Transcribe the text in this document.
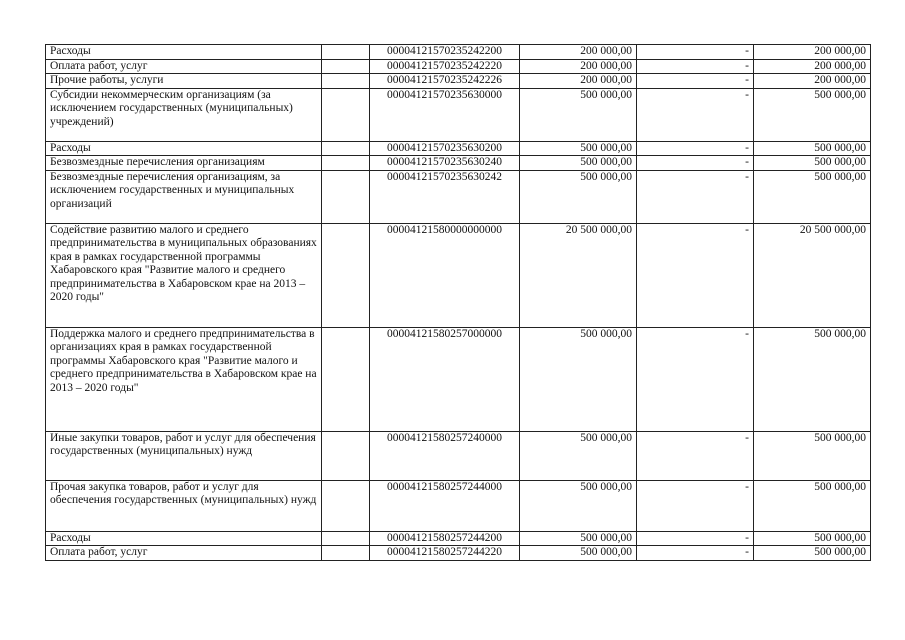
Расходы		00004121570235242200	200 000,00	-	200 000,00
Оплата работ, услуг		00004121570235242220	200 000,00	-	200 000,00
Прочие работы, услуги		00004121570235242226	200 000,00	-	200 000,00
Субсидии некоммерческим организациям (за исключением государственных (муниципальных) учреждений)		00004121570235630000	500 000,00	-	500 000,00
Расходы		00004121570235630200	500 000,00	-	500 000,00
Безвозмездные перечисления организациям		00004121570235630240	500 000,00	-	500 000,00
Безвозмездные перечисления организациям, за исключением государственных и муниципальных организаций		00004121570235630242	500 000,00	-	500 000,00
Содействие развитию малого и среднего предпринимательства в муниципальных образованиях края в рамках государственной программы Хабаровского края "Развитие малого и среднего предпринимательства в Хабаровском крае на 2013 – 2020 годы"		00004121580000000000	20 500 000,00	-	20 500 000,00
Поддержка малого и среднего предпринимательства в организациях края в рамках государственной программы Хабаровского края "Развитие малого и среднего предпринимательства в Хабаровском крае на 2013 – 2020 годы"		00004121580257000000	500 000,00	-	500 000,00
Иные закупки товаров, работ и услуг для обеспечения государственных (муниципальных) нужд		00004121580257240000	500 000,00	-	500 000,00
Прочая закупка товаров, работ и услуг для обеспечения государственных (муниципальных) нужд		00004121580257244000	500 000,00	-	500 000,00
Расходы		00004121580257244200	500 000,00	-	500 000,00
Оплата работ, услуг		00004121580257244220	500 000,00	-	500 000,00
